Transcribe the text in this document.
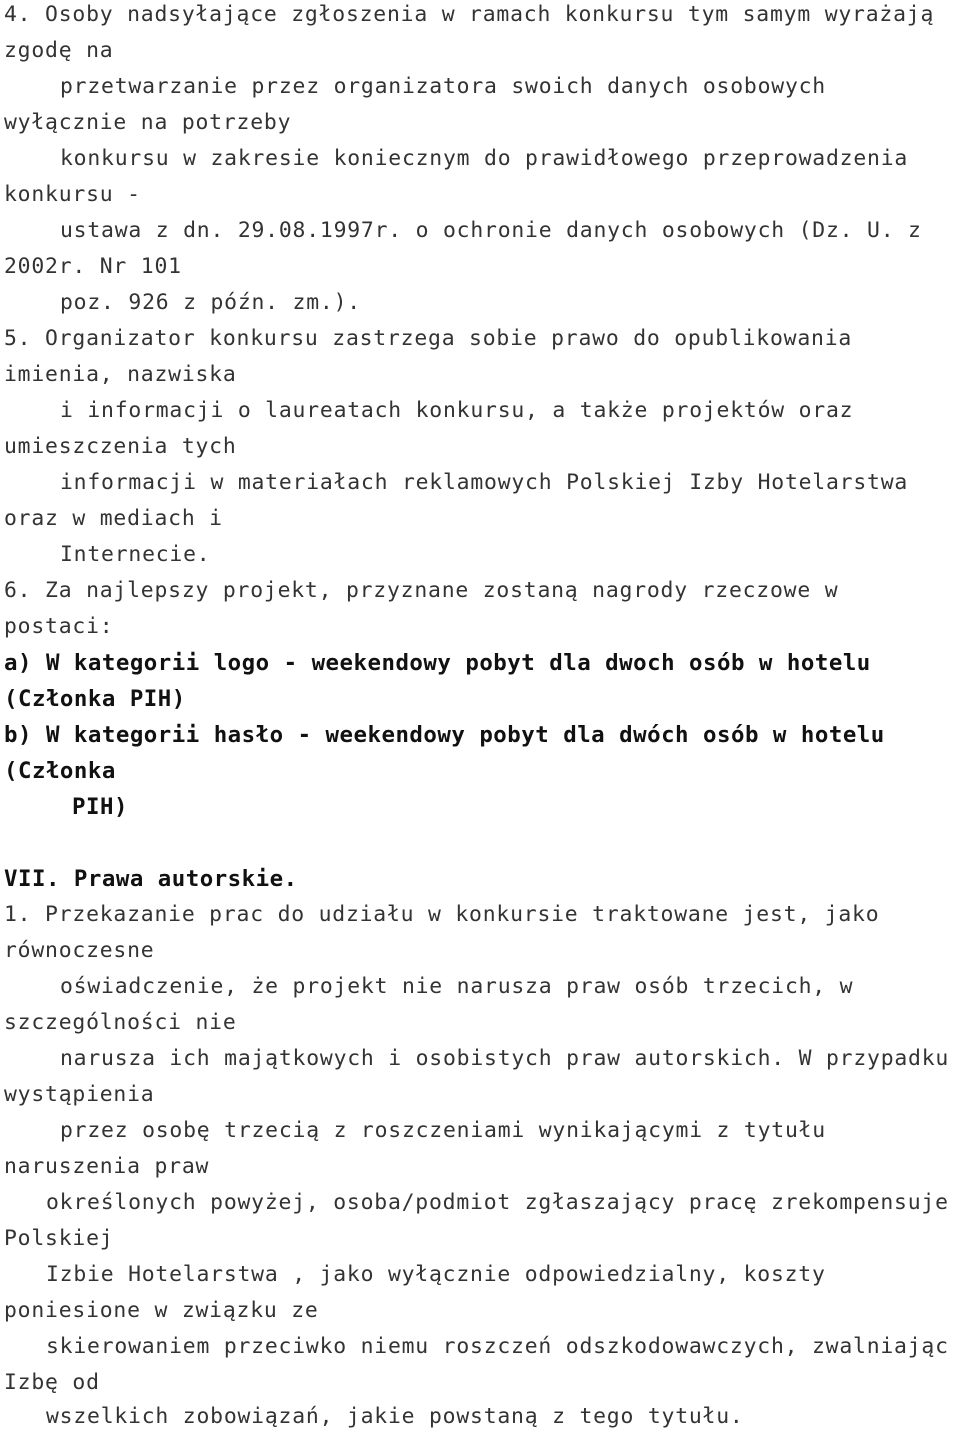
4. Osoby nadsyłające zgłoszenia w ramach konkursu tym samym wyrażają
zgodę na
przetwarzanie przez organizatora swoich danych osobowych
wyłącznie na potrzeby
konkursu w zakresie koniecznym do prawidłowego przeprowadzenia
konkursu -
ustawa z dn. 29.08.1997r. o ochronie danych osobowych (Dz. U. z
2002r. Nr 101
poz. 926 z późn. zm.).
5. Organizator konkursu zastrzega sobie prawo do opublikowania
imienia, nazwiska
i informacji o laureatach konkursu, a także projektów oraz
umieszczenia tych
informacji w materiałach reklamowych Polskiej Izby Hotelarstwa
oraz w mediach i
Internecie.
6. Za najlepszy projekt, przyznane zostaną nagrody rzeczowe w
postaci:
a) W kategorii logo - weekendowy pobyt dla dwoch osób w hotelu
(Członka PIH)
b) W kategorii hasło - weekendowy pobyt dla dwóch osób w hotelu
(Członka
PIH)
VII. Prawa autorskie.
1. Przekazanie prac do udziału w konkursie traktowane jest, jako
równoczesne
oświadczenie, że projekt nie narusza praw osób trzecich, w
szczególności nie
narusza ich majątkowych i osobistych praw autorskich. W przypadku
wystąpienia
przez osobę trzecią z roszczeniami wynikającymi z tytułu
naruszenia praw
określonych powyżej, osoba/podmiot zgłaszający pracę zrekompensuje
Polskiej
Izbie Hotelarstwa , jako wyłącznie odpowiedzialny, koszty
poniesione w związku ze
skierowaniem przeciwko niemu roszczeń odszkodowawczych, zwalniając
Izbę od
wszelkich zobowiązań, jakie powstaną z tego tytułu.
